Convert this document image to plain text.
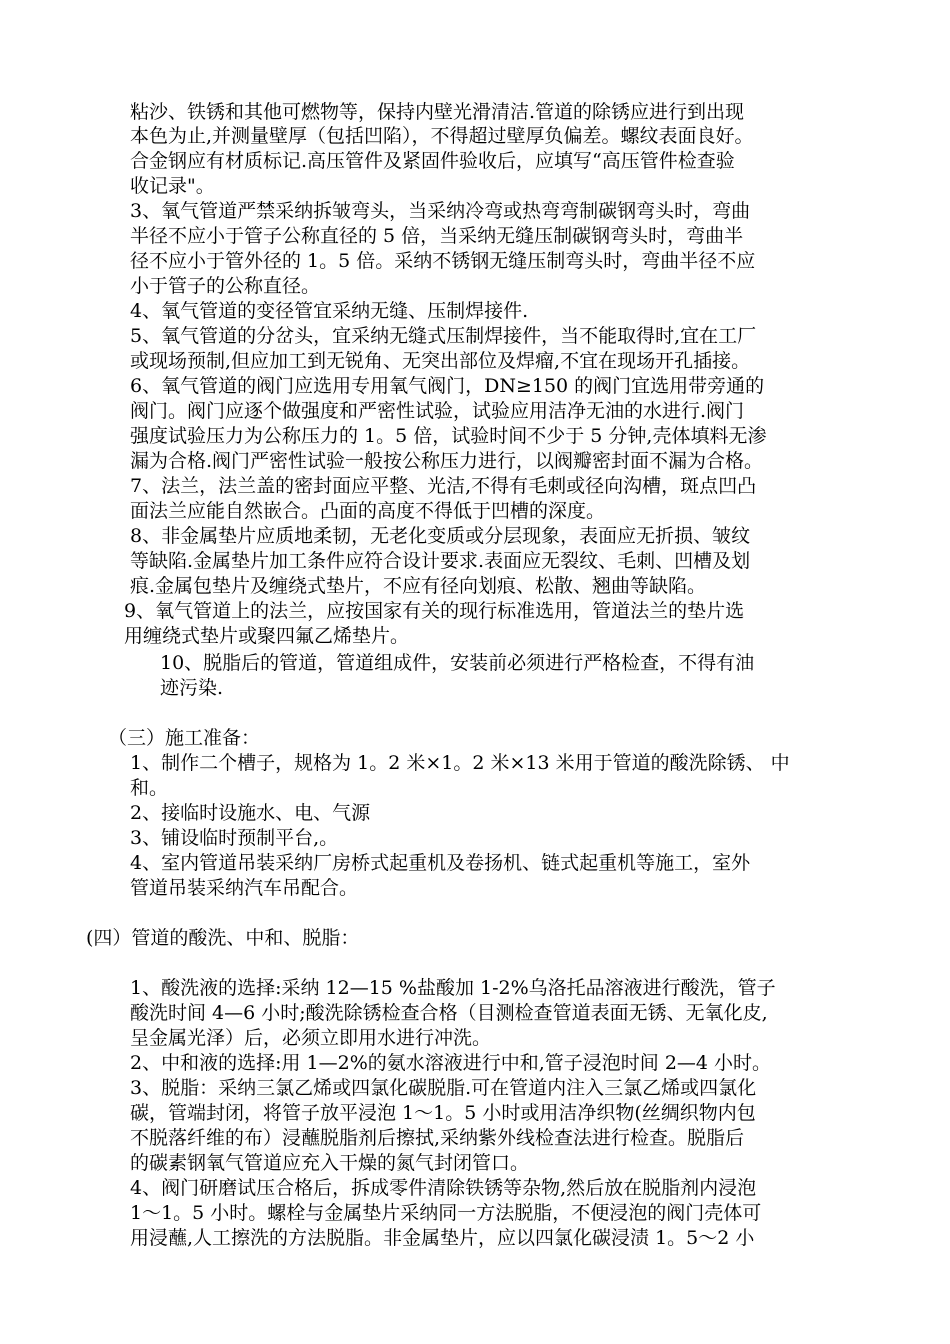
粘沙、铁锈和其他可燃物等，保持内壁光滑清洁.管道的除锈应进行到出现
本色为止,并测量壁厚（包括凹陷），不得超过壁厚负偏差。螺纹表面良好。
合金钢应有材质标记.高压管件及紧固件验收后，应填写“高压管件检查验
收记录"。
3、氧气管道严禁采纳拆皱弯头，当采纳冷弯或热弯弯制碳钢弯头时，弯曲
半径不应小于管子公称直径的 5 倍，当采纳无缝压制碳钢弯头时，弯曲半
径不应小于管外径的 1。5 倍。采纳不锈钢无缝压制弯头时，弯曲半径不应
小于管子的公称直径。
4、氧气管道的变径管宜采纳无缝、压制焊接件.
5、氧气管道的分岔头，宜采纳无缝式压制焊接件，当不能取得时,宜在工厂
或现场预制,但应加工到无锐角、无突出部位及焊瘤,不宜在现场开孔插接。
6、氧气管道的阀门应选用专用氧气阀门，DN≥150 的阀门宜选用带旁通的
阀门。阀门应逐个做强度和严密性试验，试验应用洁净无油的水进行.阀门
强度试验压力为公称压力的 1。5 倍，试验时间不少于 5 分钟,壳体填料无渗
漏为合格.阀门严密性试验一般按公称压力进行，以阀瓣密封面不漏为合格。
7、法兰，法兰盖的密封面应平整、光洁,不得有毛刺或径向沟槽，斑点凹凸
面法兰应能自然嵌合。凸面的高度不得低于凹槽的深度。
8、非金属垫片应质地柔韧，无老化变质或分层现象，表面应无折损、皱纹
等缺陷.金属垫片加工条件应符合设计要求.表面应无裂纹、毛刺、凹槽及划
痕.金属包垫片及缠绕式垫片，不应有径向划痕、松散、翘曲等缺陷。
9、氧气管道上的法兰，应按国家有关的现行标准选用，管道法兰的垫片选
用缠绕式垫片或聚四氟乙烯垫片。
10、脱脂后的管道，管道组成件，安装前必须进行严格检查，不得有油
迹污染.
（三）施工准备：
1、制作二个槽子，规格为 1。2 米×1。2 米×13 米用于管道的酸洗除锈、 中
和。
2、接临时设施水、电、气源
3、铺设临时预制平台,。
4、室内管道吊装采纳厂房桥式起重机及卷扬机、链式起重机等施工，室外
管道吊装采纳汽车吊配合。
(四）管道的酸洗、中和、脱脂：
1、酸洗液的选择:采纳 12—15 %盐酸加 1-2%乌洛托品溶液进行酸洗，管子
酸洗时间 4—6 小时;酸洗除锈检查合格（目测检查管道表面无锈、无氧化皮,
呈金属光泽）后，必须立即用水进行冲洗。
2、中和液的选择:用 1—2%的氨水溶液进行中和,管子浸泡时间 2—4 小时。
3、脱脂：采纳三氯乙烯或四氯化碳脱脂.可在管道内注入三氯乙烯或四氯化
碳，管端封闭，将管子放平浸泡 1～1。5 小时或用洁净织物(丝绸织物内包
不脱落纤维的布）浸蘸脱脂剂后擦拭,采纳紫外线检查法进行检查。脱脂后
的碳素钢氧气管道应充入干燥的氮气封闭管口。
4、阀门研磨试压合格后，拆成零件清除铁锈等杂物,然后放在脱脂剂内浸泡
1～1。5 小时。螺栓与金属垫片采纳同一方法脱脂，不便浸泡的阀门壳体可
用浸蘸,人工擦洗的方法脱脂。非金属垫片，应以四氯化碳浸渍 1。5～2 小
